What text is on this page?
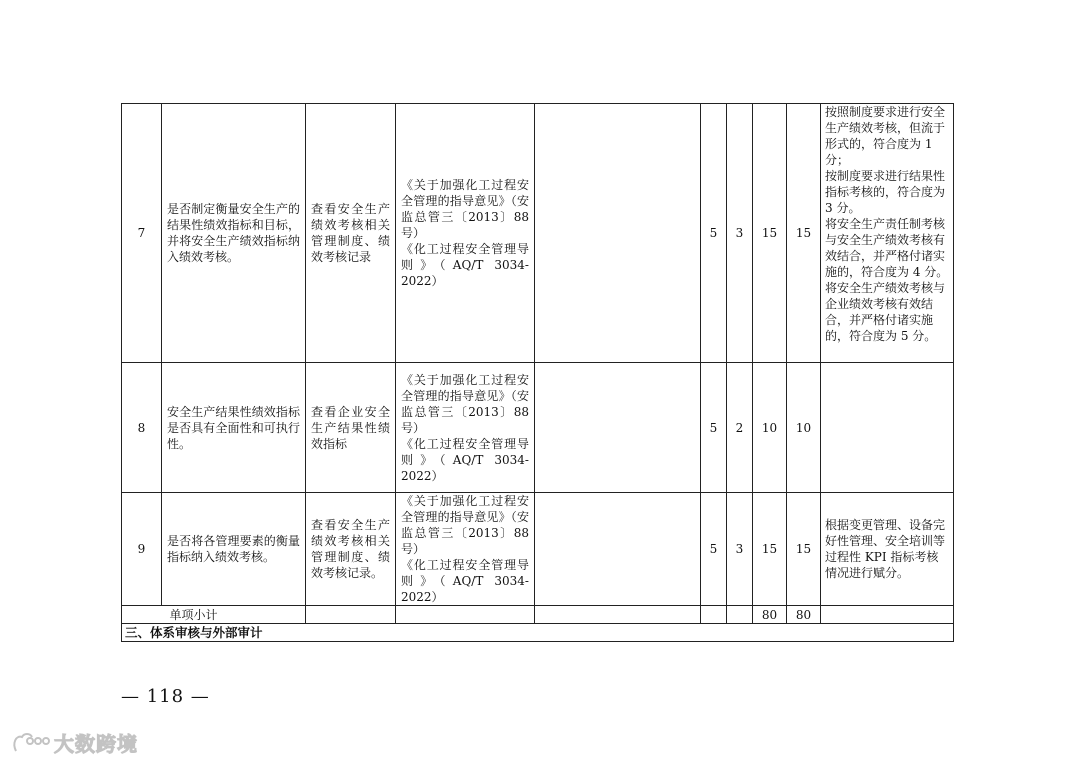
7	是否制定衡量安全生产的结果性绩效指标和目标，并将安全生产绩效指标纳入绩效考核。	查看安全生产绩效考核相关管理制度、绩效考核记录	《关于加强化工过程安全管理的指导意见》（安监总管三〔2013〕88 号）
《化工过程安全管理导则》（AQ/T 3034-2022）		5	3	15	15	按照制度要求进行安全生产绩效考核，但流于形式的，符合度为 1 分；
按制度要求进行结果性指标考核的，符合度为 3 分。
将安全生产责任制考核与安全生产绩效考核有效结合，并严格付诸实施的，符合度为 4 分。
将安全生产绩效考核与企业绩效考核有效结合，并严格付诸实施的，符合度为 5 分。
8	安全生产结果性绩效指标是否具有全面性和可执行性。	查看企业安全生产结果性绩效指标	《关于加强化工过程安全管理的指导意见》（安监总管三〔2013〕88 号）
《化工过程安全管理导则》（AQ/T 3034-2022）		5	2	10	10	
9	是否将各管理要素的衡量指标纳入绩效考核。	查看安全生产绩效考核相关管理制度、绩效考核记录。	《关于加强化工过程安全管理的指导意见》（安监总管三〔2013〕88 号）
《化工过程安全管理导则》（AQ/T 3034-2022）		5	3	15	15	根据变更管理、设备完好性管理、安全培训等过程性 KPI 指标考核情况进行赋分。
单项小计							80	80	
三、体系审核与外部审计									
— 118 —
大数跨境
